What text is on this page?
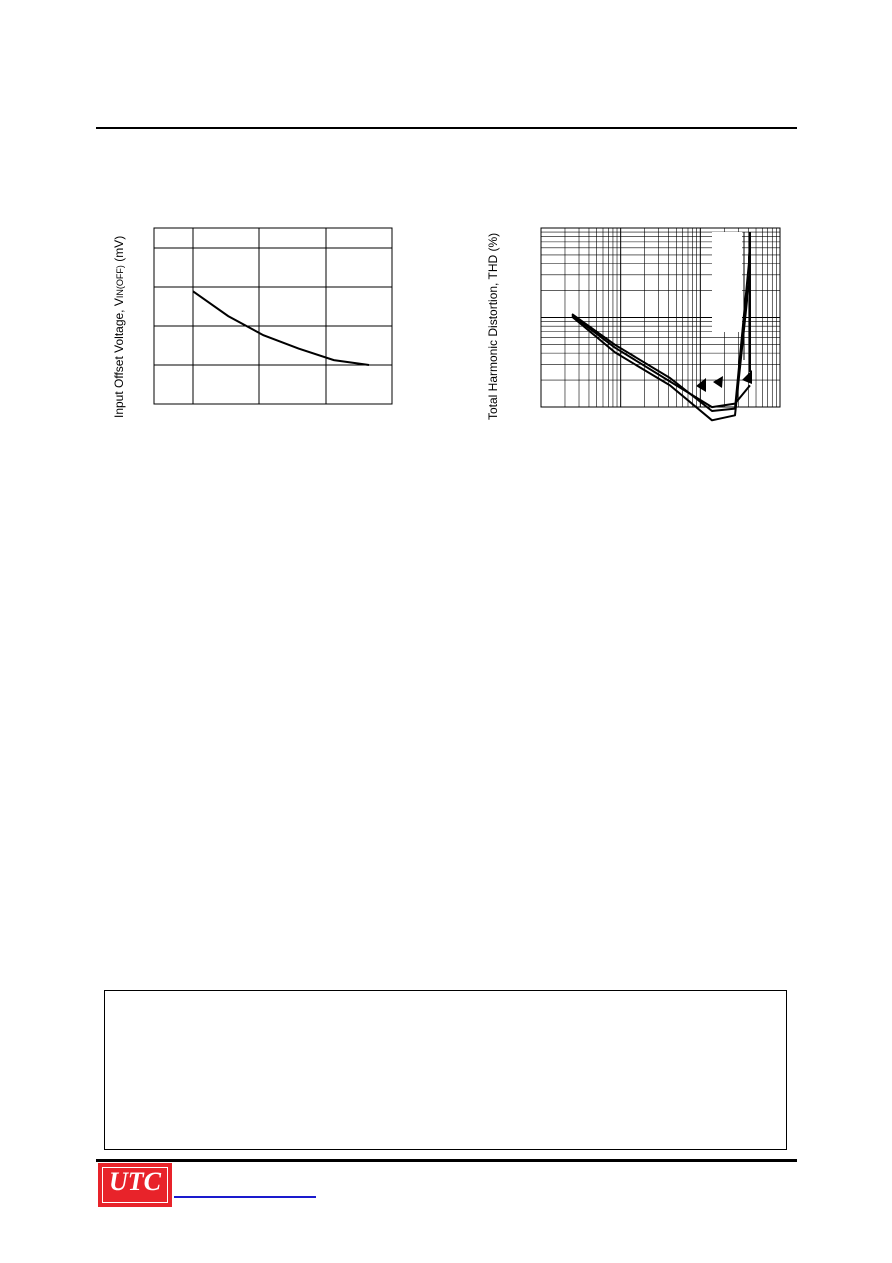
Input Offset Voltage, VIN(OFF) (mV)	Total Harmonic Distortion, THD (%)
UTC
